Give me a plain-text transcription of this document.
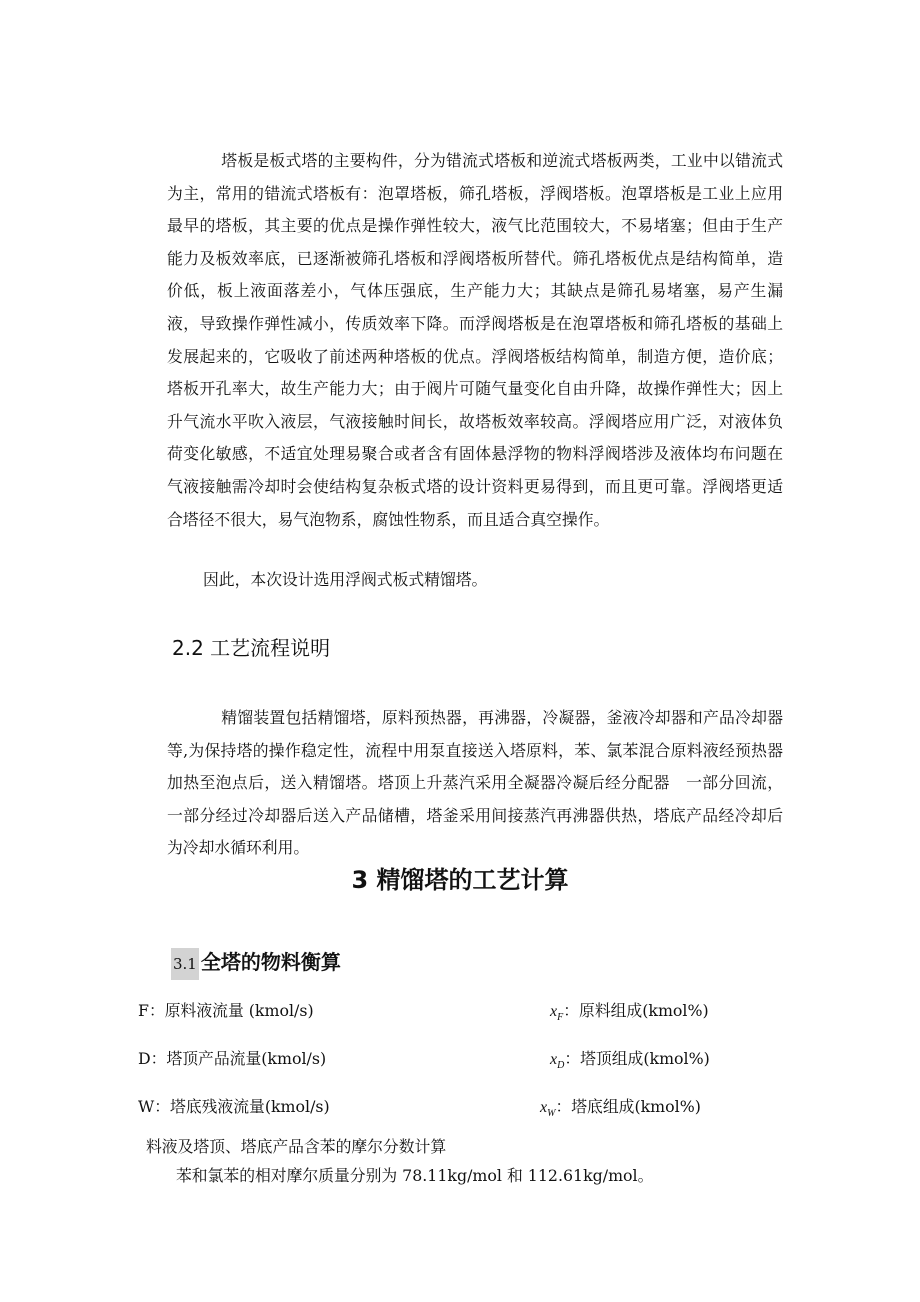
塔板是板式塔的主要构件，分为错流式塔板和逆流式塔板两类，工业中以错流式为主，常用的错流式塔板有：泡罩塔板，筛孔塔板，浮阀塔板。泡罩塔板是工业上应用最早的塔板，其主要的优点是操作弹性较大，液气比范围较大，不易堵塞；但由于生产能力及板效率底，已逐渐被筛孔塔板和浮阀塔板所替代。筛孔塔板优点是结构简单，造价低，板上液面落差小，气体压强底，生产能力大；其缺点是筛孔易堵塞，易产生漏液，导致操作弹性减小，传质效率下降。而浮阀塔板是在泡罩塔板和筛孔塔板的基础上发展起来的，它吸收了前述两种塔板的优点。浮阀塔板结构简单，制造方便，造价底；塔板开孔率大，故生产能力大；由于阀片可随气量变化自由升降，故操作弹性大；因上升气流水平吹入液层，气液接触时间长，故塔板效率较高。浮阀塔应用广泛，对液体负荷变化敏感，不适宜处理易聚合或者含有固体悬浮物的物料浮阀塔涉及液体均布问题在气液接触需冷却时会使结构复杂板式塔的设计资料更易得到，而且更可靠。浮阀塔更适合塔径不很大，易气泡物系，腐蚀性物系，而且适合真空操作。

因此，本次设计选用浮阀式板式精馏塔。

2.2 工艺流程说明

精馏装置包括精馏塔，原料预热器，再沸器，冷凝器，釜液冷却器和产品冷却器等,为保持塔的操作稳定性，流程中用泵直接送入塔原料，苯、氯苯混合原料液经预热器加热至泡点后，送入精馏塔。塔顶上升蒸汽采用全凝器冷凝后经分配器　一部分回流，一部分经过冷却器后送入产品储槽，塔釜采用间接蒸汽再沸器供热，塔底产品经冷却后为冷却水循环利用。

3 精馏塔的工艺计算
3.1 全塔的物料衡算
F：原料液流量 (kmol/s)	$x_F$：原料组成(kmol%)
D：塔顶产品流量(kmol/s)	$x_D$：塔顶组成(kmol%)
W：塔底残液流量(kmol/s)	$x_W$：塔底组成(kmol%)
料液及塔顶、塔底产品含苯的摩尔分数计算
苯和氯苯的相对摩尔质量分别为 78.11kg/mol 和 112.61kg/mol。
